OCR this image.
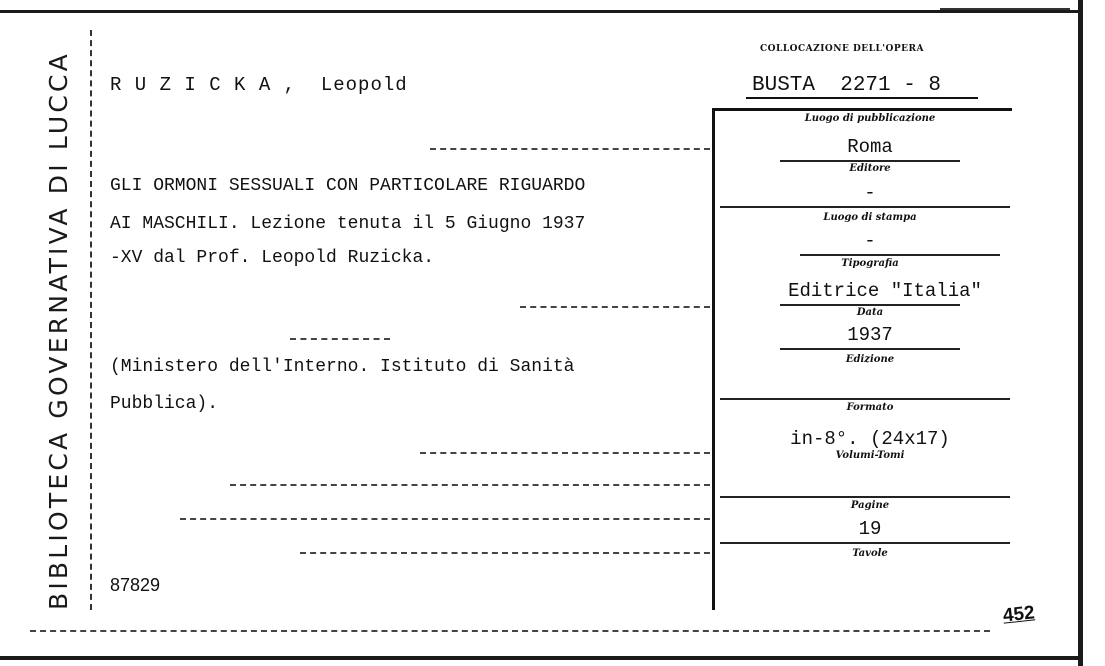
BIBLIOTECA GOVERNATIVA DI LUCCA R U Z I C K A ,  Leopold
GLI ORMONI SESSUALI CON PARTICOLARE RIGUARDO
AI MASCHILI. Lezione tenuta il 5 Giugno 1937
-XV dal Prof. Leopold Ruzicka.
(Ministero dell'Interno. Istituto di Sanità
Pubblica).
87829
COLLOCAZIONE DELL'OPERA
BUSTA  2271 - 8
Luogo di pubblicazione
Roma
Editore
-
Luogo di stampa
-
Tipografia
Editrice "Italia"
Data
1937
Edizione
Formato
in-8°. (24x17)
Volumi-Tomi
Pagine
19
Tavole
452
